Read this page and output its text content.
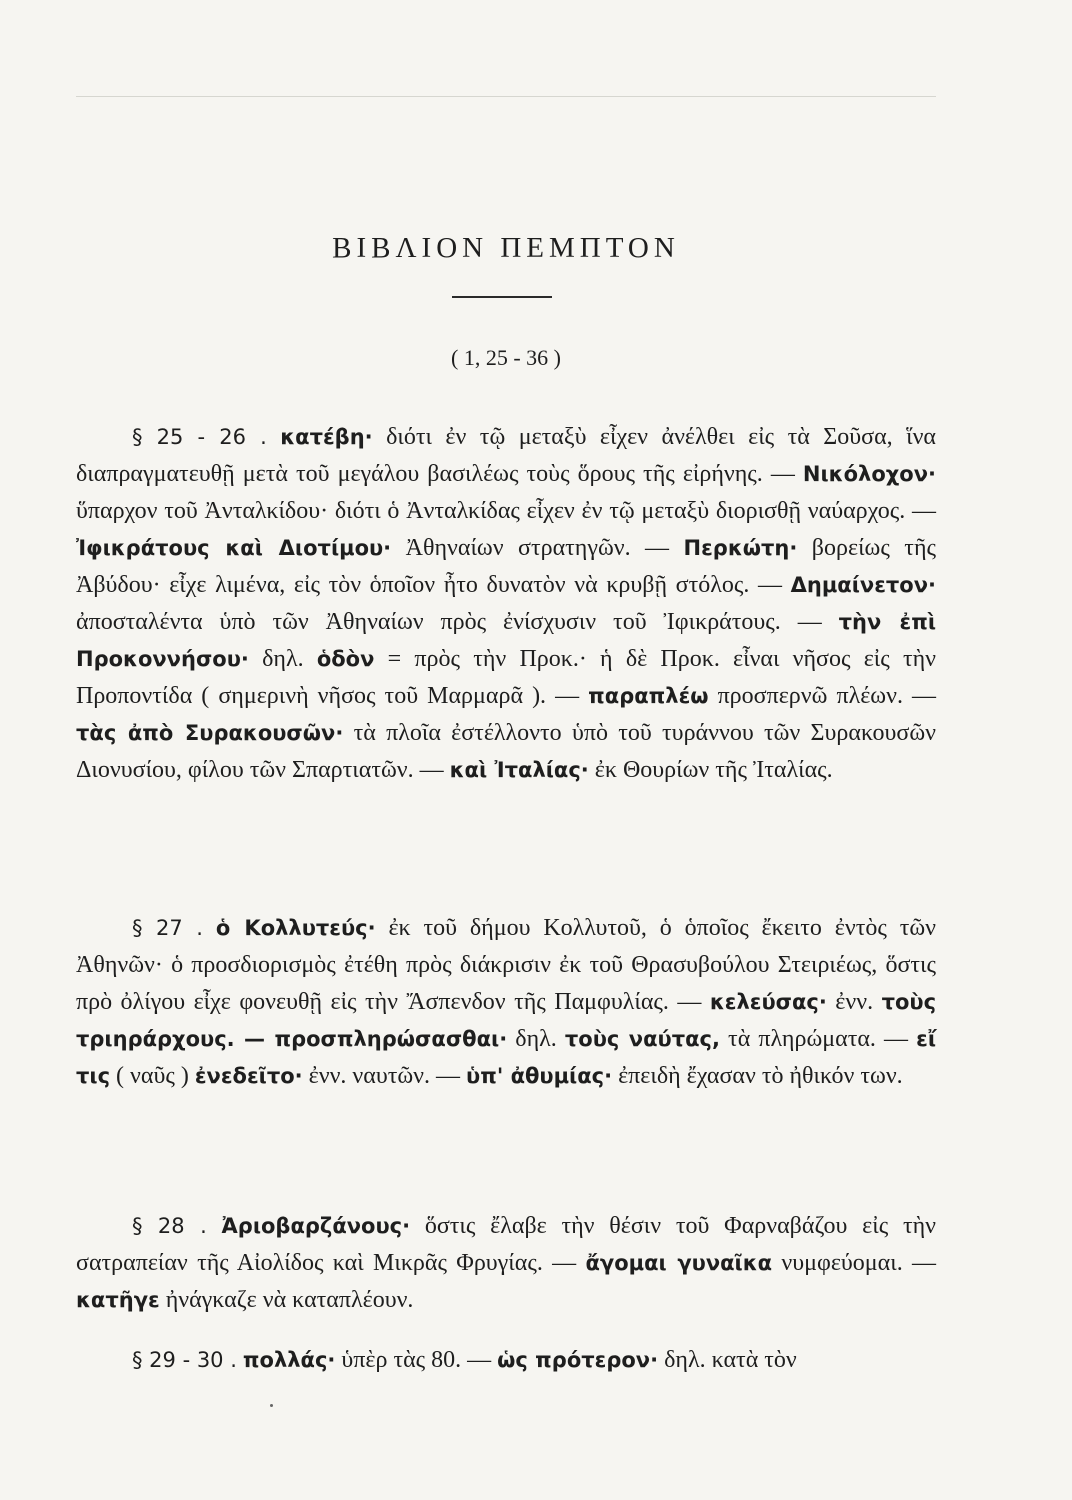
ΒΙΒΛΙΟΝ ΠΕΜΠΤΟΝ
( 1, 25 - 36 )
§ 25 - 26 . κατέβη· διότι ἐν τῷ μεταξὺ εἶχεν ἀνέλθει εἰς τὰ Σοῦσα, ἵνα διαπραγματευθῇ μετὰ τοῦ μεγάλου βασιλέως τοὺς ὅρους τῆς εἰρήνης. — Νικόλοχον· ὕπαρχον τοῦ Ἀνταλκίδου· διότι ὁ Ἀνταλκίδας εἶχεν ἐν τῷ μεταξὺ διορισθῇ ναύαρχος. — Ἰφικράτους καὶ Διοτίμου· Ἀθηναίων στρατηγῶν. — Περκώτη· βορείως τῆς Ἀβύδου· εἶχε λιμένα, εἰς τὸν ὁποῖον ἦτο δυνατὸν νὰ κρυβῇ στόλος. — Δημαίνετον· ἀποσταλέντα ὑπὸ τῶν Ἀθηναίων πρὸς ἐνίσχυσιν τοῦ Ἰφικράτους. — τὴν ἐπὶ Προκοννήσου· δηλ. ὁδὸν = πρὸς τὴν Προκ.· ἡ δὲ Προκ. εἶναι νῆσος εἰς τὴν Προποντίδα ( σημερινὴ νῆσος τοῦ Μαρμαρᾶ ). — παραπλέω προσπερνῶ πλέων. — τὰς ἀπὸ Συρακουσῶν· τὰ πλοῖα ἐστέλλοντο ὑπὸ τοῦ τυράννου τῶν Συρακουσῶν Διονυσίου, φίλου τῶν Σπαρτιατῶν. — καὶ Ἰταλίας· ἐκ Θουρίων τῆς Ἰταλίας.
§ 27 . ὁ Κολλυτεύς· ἐκ τοῦ δήμου Κολλυτοῦ, ὁ ὁποῖος ἔκειτο ἐντὸς τῶν Ἀθηνῶν· ὁ προσδιορισμὸς ἐτέθη πρὸς διάκρισιν ἐκ τοῦ Θρασυβούλου Στειριέως, ὅστις πρὸ ὀλίγου εἶχε φονευθῇ εἰς τὴν Ἄσπενδον τῆς Παμφυλίας. — κελεύσας· ἐνν. τοὺς τριηράρχους. — προσπληρώσασθαι· δηλ. τοὺς ναύτας, τὰ πληρώματα. — εἴ τις ( ναῦς ) ἐνεδεῖτο· ἐνν. ναυτῶν. — ὑπ' ἀθυμίας· ἐπειδὴ ἔχασαν τὸ ἠθικόν των.
§ 28 . Ἀριοβαρζάνους· ὅστις ἔλαβε τὴν θέσιν τοῦ Φαρναβάζου εἰς τὴν σατραπείαν τῆς Αἰολίδος καὶ Μικρᾶς Φρυγίας. — ἄγομαι γυναῖκα νυμφεύομαι. — κατῆγε ἠνάγκαζε νὰ καταπλέουν.
§ 29 - 30 . πολλάς· ὑπὲρ τὰς 80. — ὡς πρότερον· δηλ. κατὰ τὸν
